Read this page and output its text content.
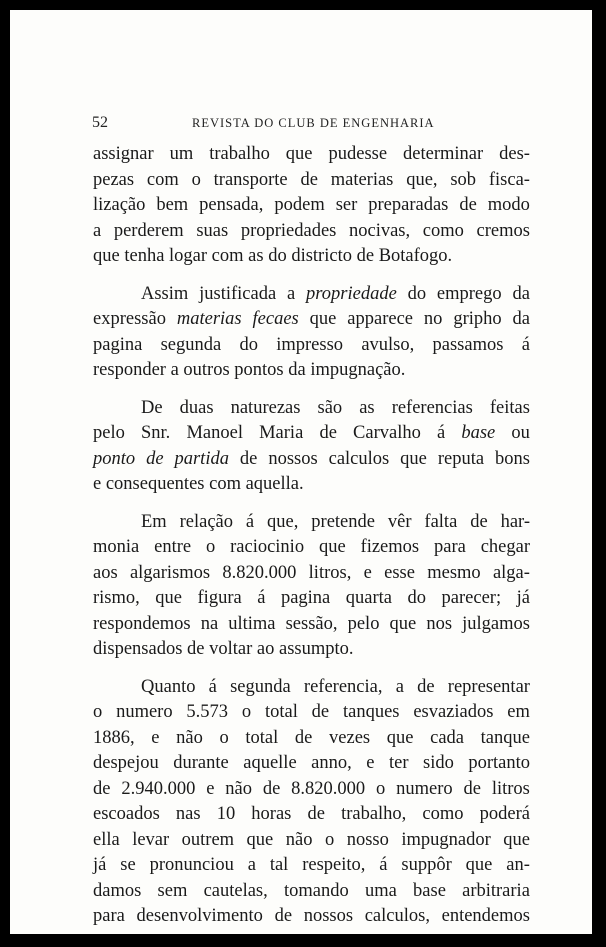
52	REVISTA DO CLUB DE ENGENHARIA
assignar um trabalho que pudesse determinar des-
pezas com o transporte de materias que, sob fisca-
lização bem pensada, podem ser preparadas de modo
a perderem suas propriedades nocivas, como cremos
que
tenha
logar
com
as
do
districto
de
Botafogo.
Assim justificada a propriedade do emprego da
expressão materias fecaes que apparece no gripho da
pagina segunda do impresso avulso, passamos á
responder
a
outros
pontos
da
impugnação.
De duas naturezas são as referencias feitas
pelo Snr. Manoel Maria de Carvalho á base ou
ponto de partida de nossos calculos que reputa bons
e
consequentes
com
aquella.
Em relação á que, pretende vêr falta de har-
monia entre o raciocinio que fizemos para chegar
aos algarismos 8.820.000 litros, e esse mesmo alga-
rismo, que figura á pagina quarta do parecer; já
respondemos na ultima sessão, pelo que nos julgamos
dispensados
de
voltar
ao
assumpto.
Quanto á segunda referencia, a de representar
o numero 5.573 o total de tanques esvaziados em
1886, e não o total de vezes que cada tanque
despejou durante aquelle anno, e ter sido portanto
de 2.940.000 e não de 8.820.000 o numero de litros
escoados nas 10 horas de trabalho, como poderá
ella levar outrem que não o nosso impugnador que
já se pronunciou a tal respeito, á suppôr que an-
damos sem cautelas, tomando uma base arbitraria
para desenvolvimento de nossos calculos, entendemos
